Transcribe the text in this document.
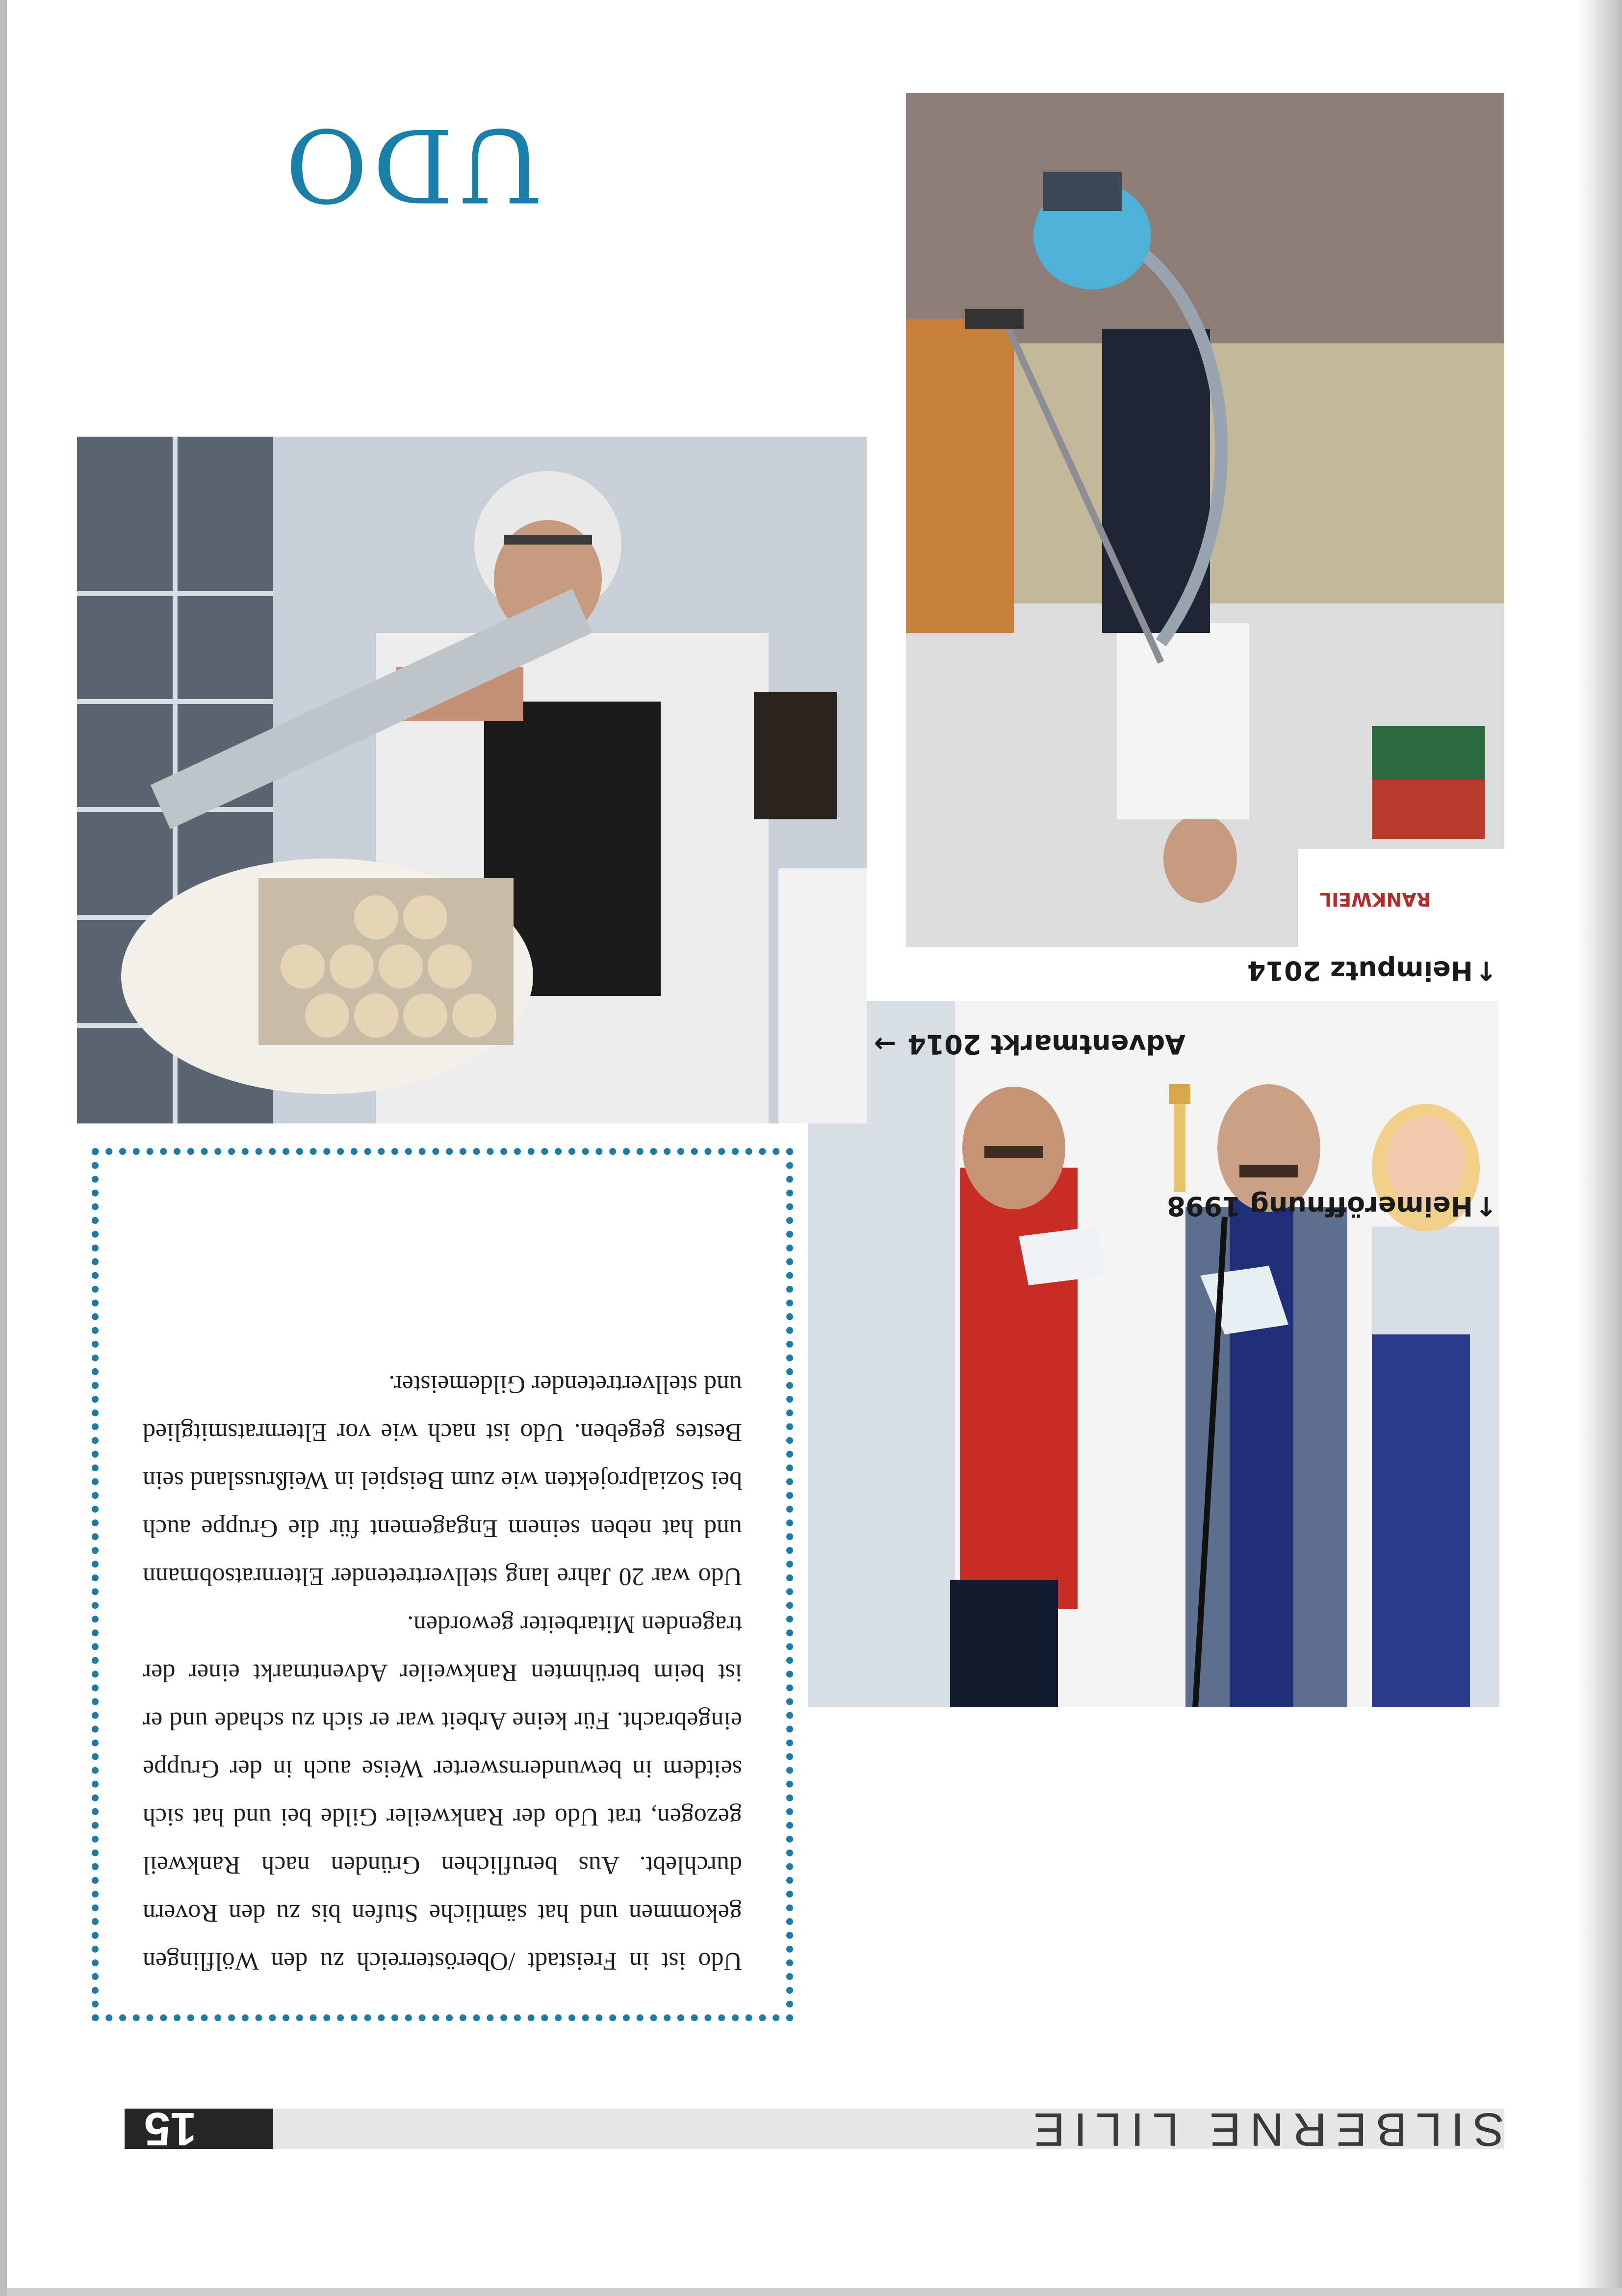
SILBERNE LILIE
15

Udo ist in Freistadt /Oberösterreich zu den Wölflingen gekommen und hat sämtliche Stufen bis zu den Rovern durchlebt. Aus beruflichen Gründen nach Rankweil gezogen, trat Udo der Rankweiler Gilde bei und hat sich seitdem in bewundernswerter Weise auch in der Gruppe eingebracht. Für keine Arbeit war er sich zu schade und er ist beim berühmten Rankweiler Adventmarkt einer der tragenden Mitarbeiter geworden.

Udo war 20 Jahre lang stellvertretender Elternratsobmann und hat neben seinem Engagement für die Gruppe auch bei Sozialprojekten wie zum Beispiel in Weißrussland sein Bestes gegeben. Udo ist nach wie vor Elternratsmitglied und stellvertretender Gildemeister.

RANKWEIL
↑Heimeröffnung 1998
Adventmarkt 2014 →
↑Heimputz 2014
UDO
